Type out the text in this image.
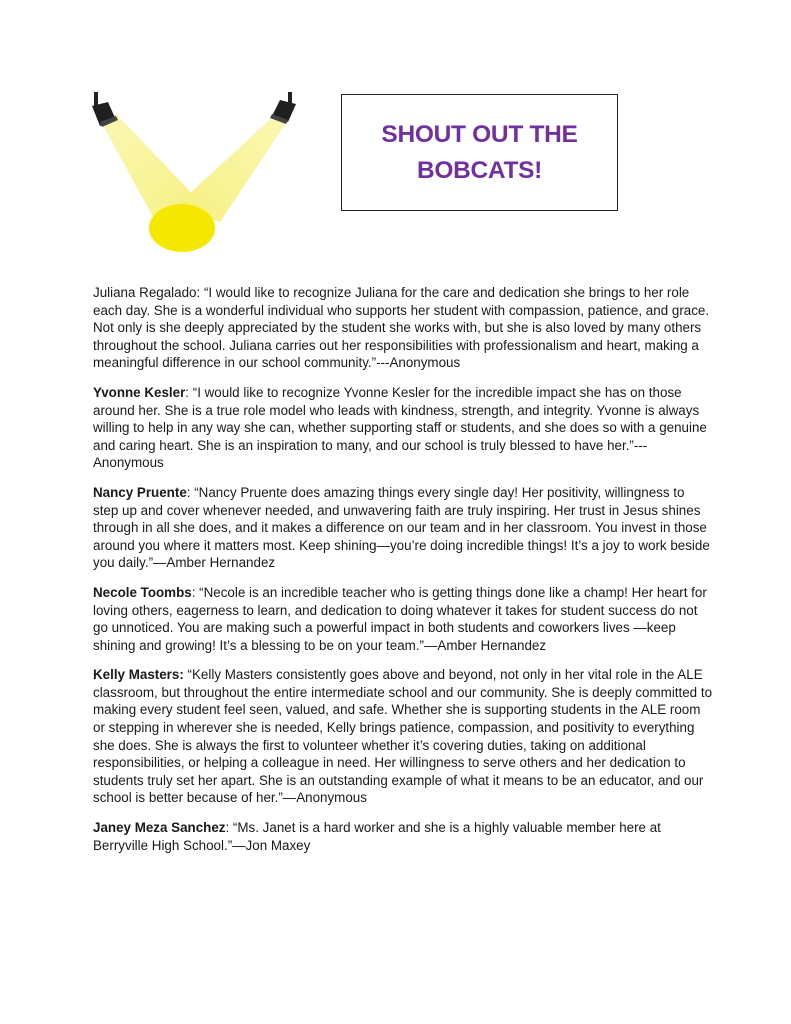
SHOUT OUT THE
BOBCATS!

Juliana Regalado: “I would like to recognize Juliana for the care and dedication she brings to her role each day. She is a wonderful individual who supports her student with compassion, patience, and grace. Not only is she deeply appreciated by the student she works with, but she is also loved by many others throughout the school. Juliana carries out her responsibilities with professionalism and heart, making a meaningful difference in our school community.”---Anonymous

Yvonne Kesler: “I would like to recognize Yvonne Kesler for the incredible impact she has on those around her. She is a true role model who leads with kindness, strength, and integrity. Yvonne is always willing to help in any way she can, whether supporting staff or students, and she does so with a genuine and caring heart. She is an inspiration to many, and our school is truly blessed to have her.”---Anonymous

Nancy Pruente: “Nancy Pruente does amazing things every single day! Her positivity, willingness to step up and cover whenever needed, and unwavering faith are truly inspiring. Her trust in Jesus shines through in all she does, and it makes a difference on our team and in her classroom. You invest in those around you where it matters most. Keep shining—you’re doing incredible things! It’s a joy to work beside you daily.”—Amber Hernandez

Necole Toombs: “Necole is an incredible teacher who is getting things done like a champ! Her heart for loving others, eagerness to learn, and dedication to doing whatever it takes for student success do not go unnoticed. You are making such a powerful impact in both students and coworkers lives —keep shining and growing! It’s a blessing to be on your team.”—Amber Hernandez

Kelly Masters: “Kelly Masters consistently goes above and beyond, not only in her vital role in the ALE classroom, but throughout the entire intermediate school and our community. She is deeply committed to making every student feel seen, valued, and safe. Whether she is supporting students in the ALE room or stepping in wherever she is needed, Kelly brings patience, compassion, and positivity to everything she does. She is always the first to volunteer whether it’s covering duties, taking on additional responsibilities, or helping a colleague in need. Her willingness to serve others and her dedication to students truly set her apart. She is an outstanding example of what it means to be an educator, and our school is better because of her.”—Anonymous

Janey Meza Sanchez: “Ms. Janet is a hard worker and she is a highly valuable member here at Berryville High School.”—Jon Maxey
